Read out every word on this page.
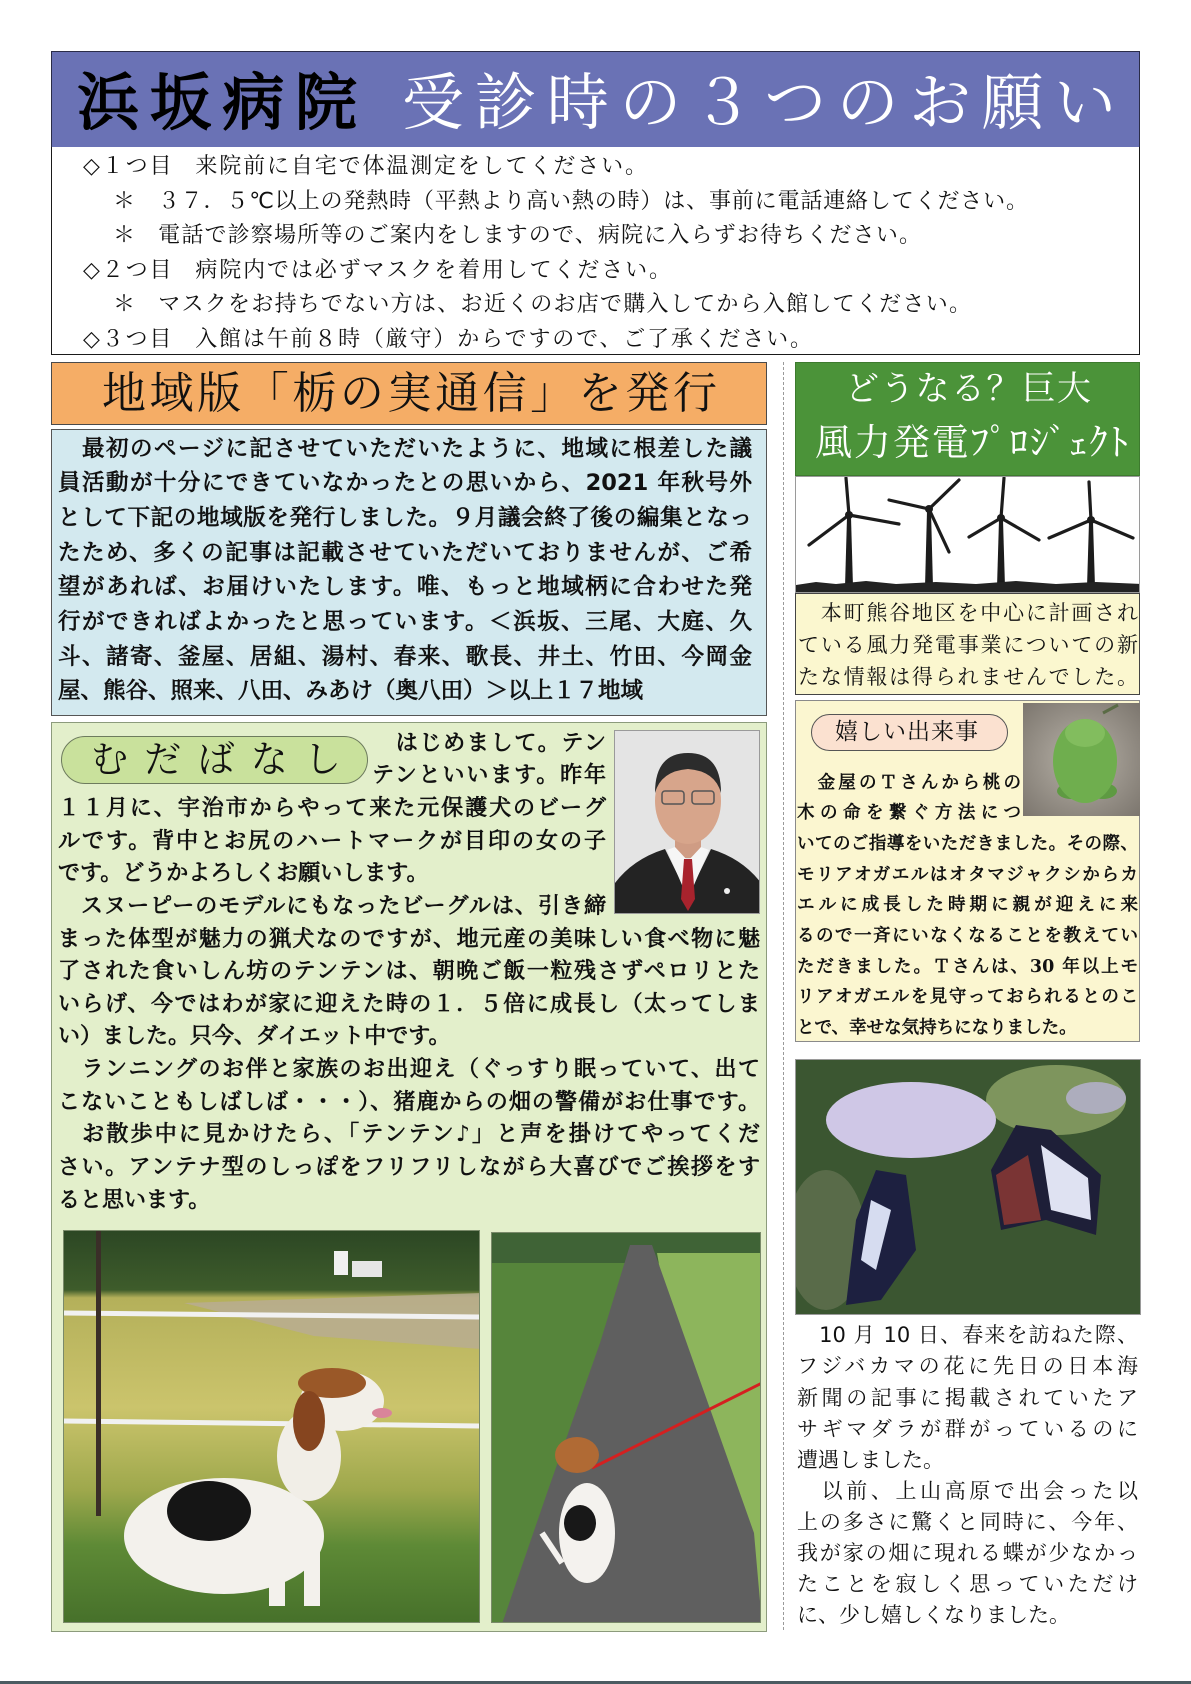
浜坂病院 受診時の３つのお願い
◇１つ目 来院前に自宅で体温測定をしてください。
＊ ３７．５℃以上の発熱時（平熱より高い熱の時）は、事前に電話連絡してください。
＊ 電話で診察場所等のご案内をしますので、病院に入らずお待ちください。
◇２つ目 病院内では必ずマスクを着用してください。
＊ マスクをお持ちでない方は、お近くのお店で購入してから入館してください。
◇３つ目 入館は午前８時（厳守）からですので、ご了承ください。
地域版「栃の実通信」を発行
　最初のページに記させていただいたように、地域に根差した議
員活動が十分にできていなかったとの思いから、2021 年秋号外
として下記の地域版を発行しました。９月議会終了後の編集となっ
たため、多くの記事は記載させていただいておりませんが、ご希
望があれば、お届けいたします。唯、もっと地域柄に合わせた発
行ができればよかったと思っています。＜浜坂、三尾、大庭、久
斗、諸寄、釜屋、居組、湯村、春来、歌長、井土、竹田、今岡金
屋、熊谷、照来、八田、みあけ（奥八田）＞以上１７地域
むだばなし 　はじめまして。テン
テンといいます。昨年
１１月に、宇治市からやって来た元保護犬のビーグ
ルです。背中とお尻のハートマークが目印の女の子
です。どうかよろしくお願いします。
　スヌーピーのモデルにもなったビーグルは、引き締
まった体型が魅力の猟犬なのですが、地元産の美味しい食べ物に魅
了された食いしん坊のテンテンは、朝晩ご飯一粒残さずペロリとた
いらげ、今ではわが家に迎えた時の１．５倍に成長し（太ってしま
い）ました。只今、ダイエット中です。
　ランニングのお伴と家族のお出迎え（ぐっすり眠っていて、出て
こないこともしばしば・・・）、猪鹿からの畑の警備がお仕事です。
　お散歩中に見かけたら、「テンテン♪」と声を掛けてやってくだ
さい。アンテナ型のしっぽをフリフリしながら大喜びでご挨拶をす
ると思います。
どうなる？巨大
風力発電ﾌﾟﾛｼﾞｪｸﾄ
　本町熊谷地区を中心に計画され
ている風力発電事業についての新
たな情報は得られませんでした。
嬉しい出来事
　金屋のＴさんから桃の
木の命を繋ぐ方法につ
いてのご指導をいただきました。その際、
モリアオガエルはオタマジャクシからカ
エルに成長した時期に親が迎えに来
るので一斉にいなくなることを教えてい
ただきました。Ｔさんは、30 年以上モ
リアオガエルを見守っておられるとのこ
とで、幸せな気持ちになりました。
　10 月 10 日、春来を訪ねた際、
フジバカマの花に先日の日本海
新聞の記事に掲載されていたア
サギマダラが群がっているのに
遭遇しました。
　以前、上山高原で出会った以
上の多さに驚くと同時に、今年、
我が家の畑に現れる蝶が少なかっ
たことを寂しく思っていただけ
に、少し嬉しくなりました。
